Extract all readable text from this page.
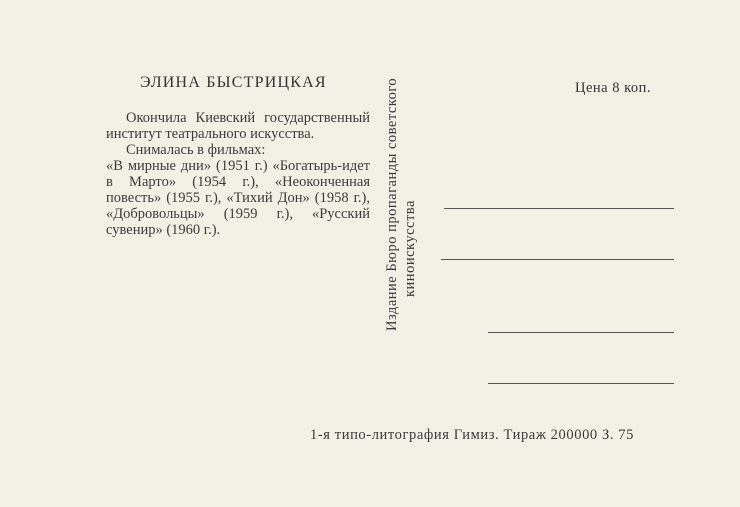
ЭЛИНА БЫСТРИЦКАЯ

Окончила Киевский государственный институт театрального искусства.

Снималась в фильмах:

«В мирные дни» (1951 г.) «Богатырь-идет в Марто» (1954 г.), «Неоконченная повесть» (1955 г.), «Тихий Дон» (1958 г.), «Добровольцы» (1959 г.), «Русский сувенир» (1960 г.).	Издание Бюро пропаганды советского киноискусства
Цена 8 коп.
1-я типо-литография Гимиз. Тираж 200000 З. 75
